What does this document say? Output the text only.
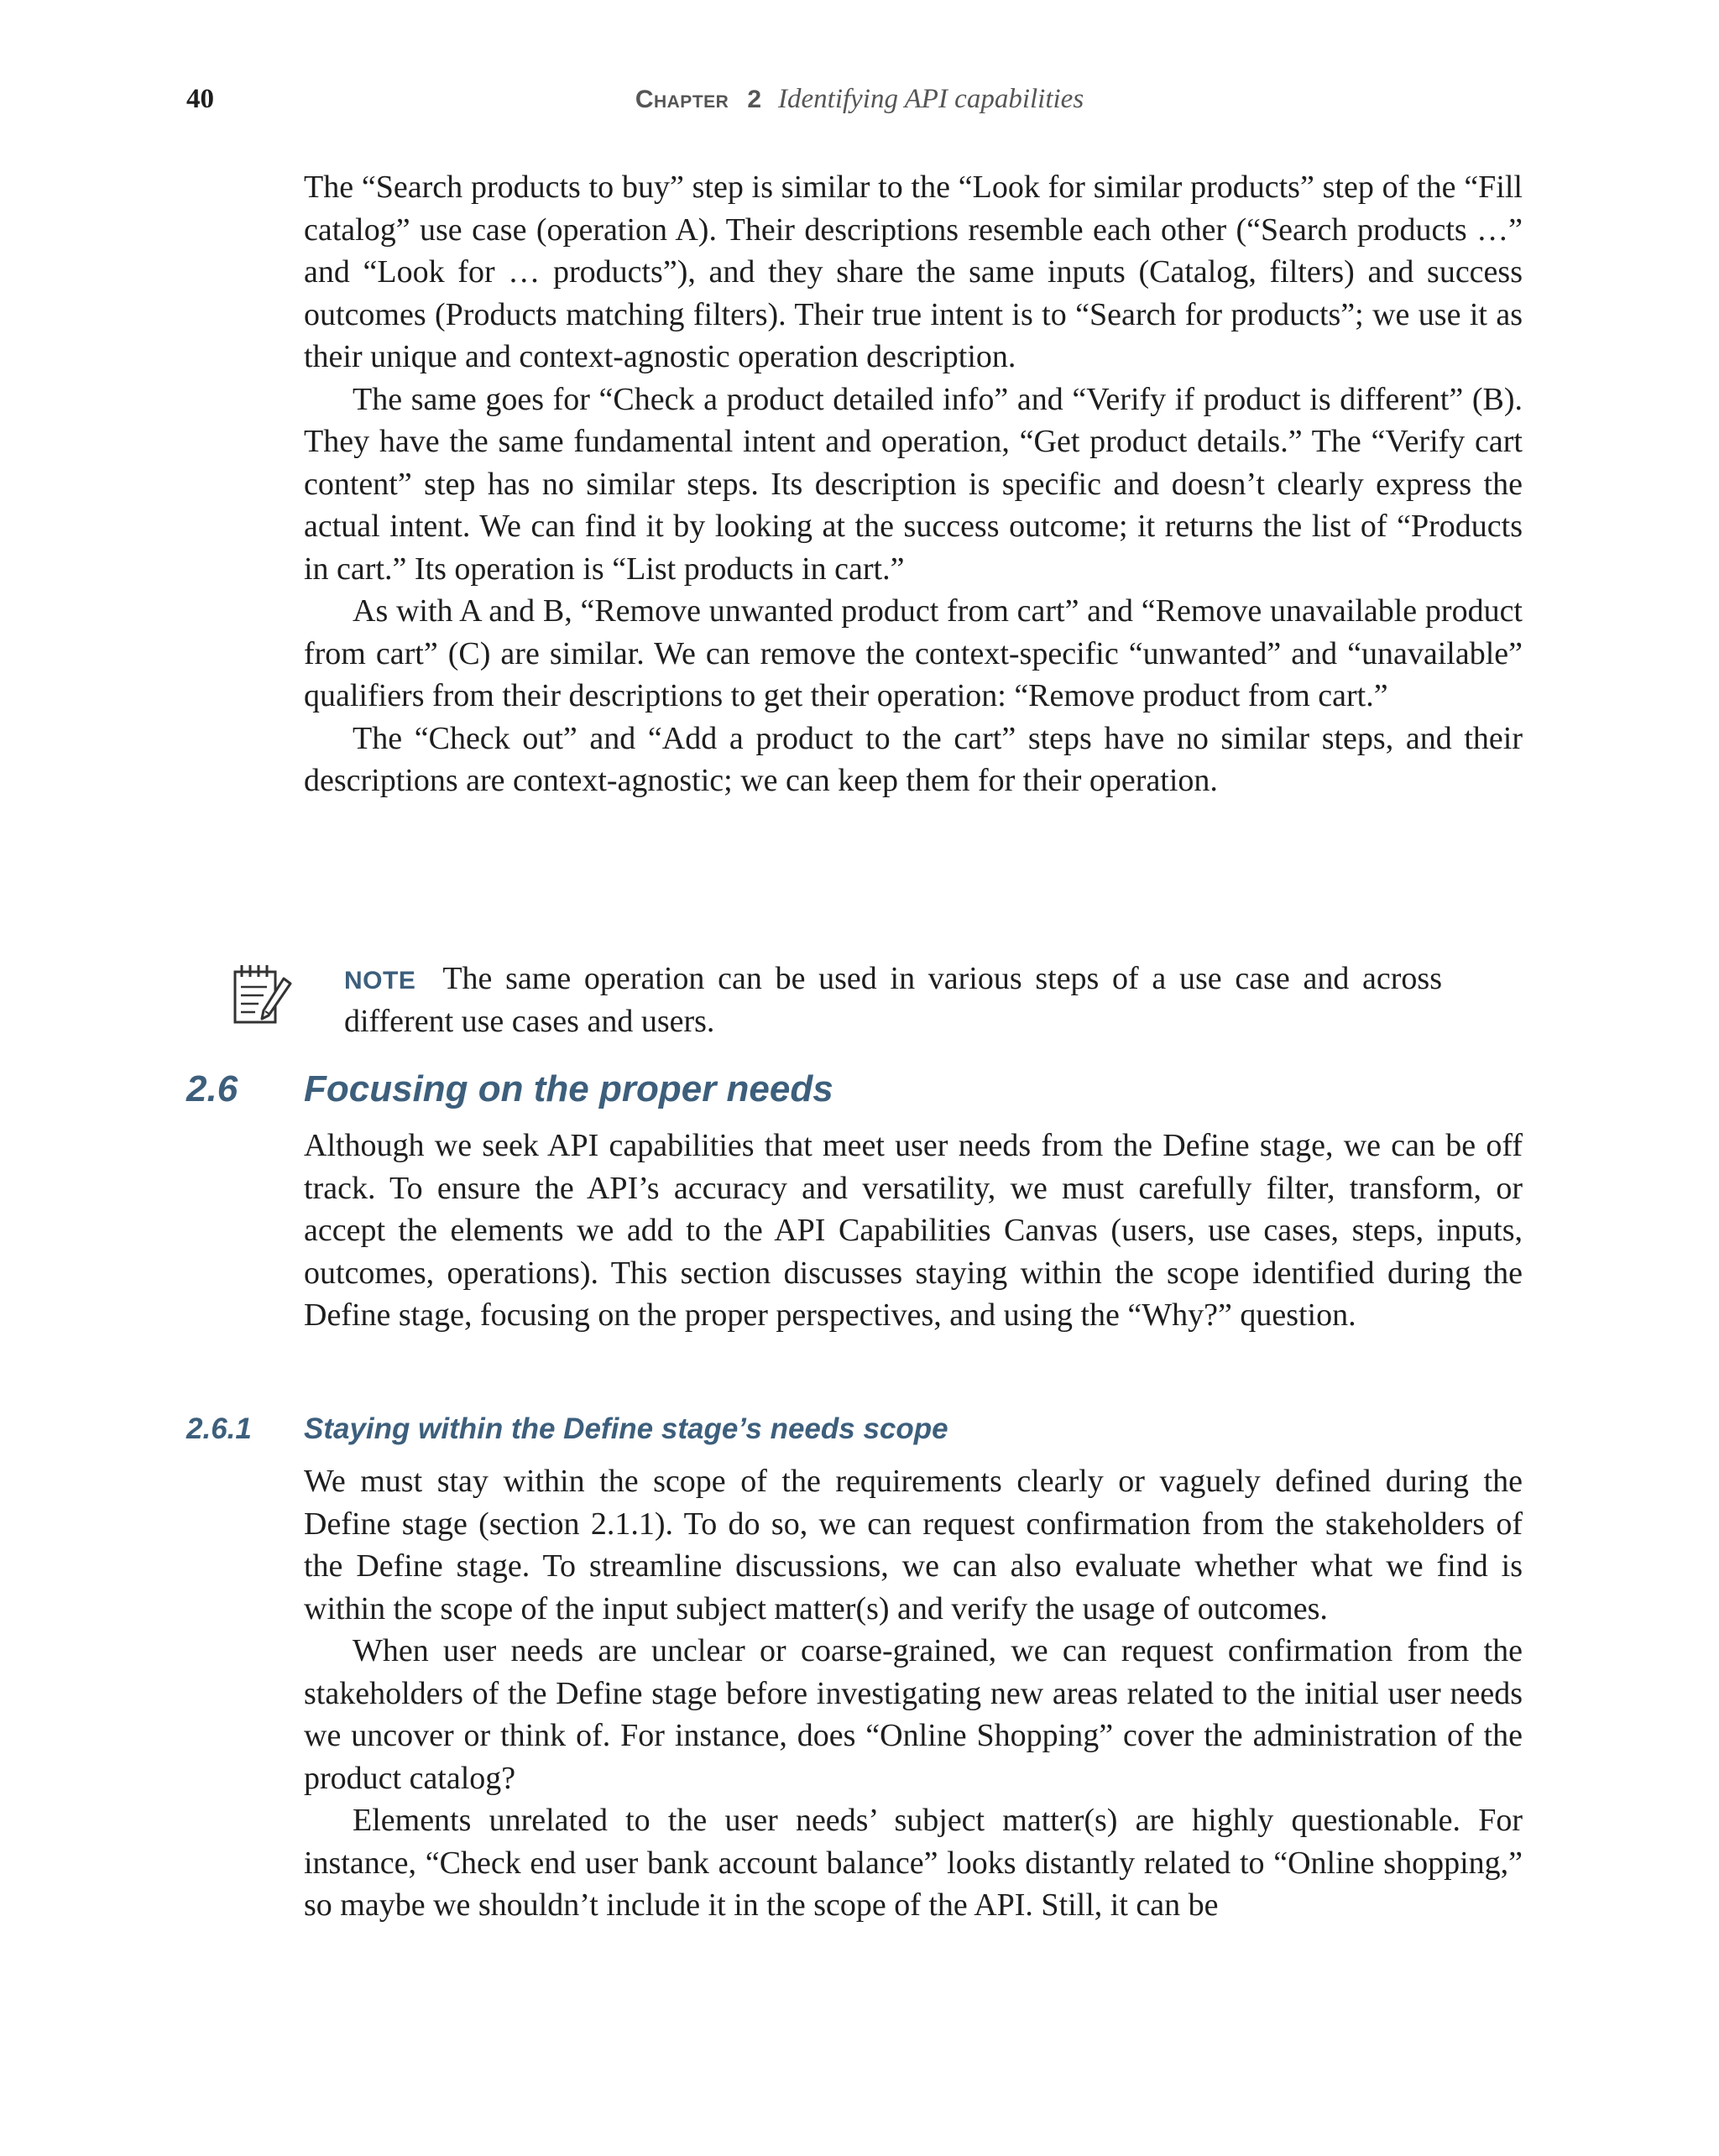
40	Chapter 2 Identifying API capabilities

The “Search products to buy” step is similar to the “Look for similar products” step of the “Fill catalog” use case (operation A). Their descriptions resemble each other (“Search products …” and “Look for … products”), and they share the same inputs (Catalog, filters) and success outcomes (Products matching filters). Their true intent is to “Search for products”; we use it as their unique and context-agnostic operation description.

The same goes for “Check a product detailed info” and “Verify if product is different” (B). They have the same fundamental intent and operation, “Get product details.” The “Verify cart content” step has no similar steps. Its description is specific and doesn’t clearly express the actual intent. We can find it by looking at the success outcome; it returns the list of “Products in cart.” Its operation is “List products in cart.”

As with A and B, “Remove unwanted product from cart” and “Remove unavailable product from cart” (C) are similar. We can remove the context-specific “unwanted” and “unavailable” qualifiers from their descriptions to get their operation: “Remove product from cart.”

The “Check out” and “Add a product to the cart” steps have no similar steps, and their descriptions are context-agnostic; we can keep them for their operation.

NOTE The same operation can be used in various steps of a use case and across different use cases and users.

2.6 Focusing on the proper needs

Although we seek API capabilities that meet user needs from the Define stage, we can be off track. To ensure the API’s accuracy and versatility, we must carefully filter, transform, or accept the elements we add to the API Capabilities Canvas (users, use cases, steps, inputs, outcomes, operations). This section discusses staying within the scope identified during the Define stage, focusing on the proper perspectives, and using the “Why?” question.

2.6.1 Staying within the Define stage’s needs scope

We must stay within the scope of the requirements clearly or vaguely defined during the Define stage (section 2.1.1). To do so, we can request confirmation from the stakeholders of the Define stage. To streamline discussions, we can also evaluate whether what we find is within the scope of the input subject matter(s) and verify the usage of outcomes.

When user needs are unclear or coarse-grained, we can request confirmation from the stakeholders of the Define stage before investigating new areas related to the initial user needs we uncover or think of. For instance, does “Online Shopping” cover the administration of the product catalog?

Elements unrelated to the user needs’ subject matter(s) are highly questionable. For instance, “Check end user bank account balance” looks distantly related to “Online shopping,” so maybe we shouldn’t include it in the scope of the API. Still, it can be
